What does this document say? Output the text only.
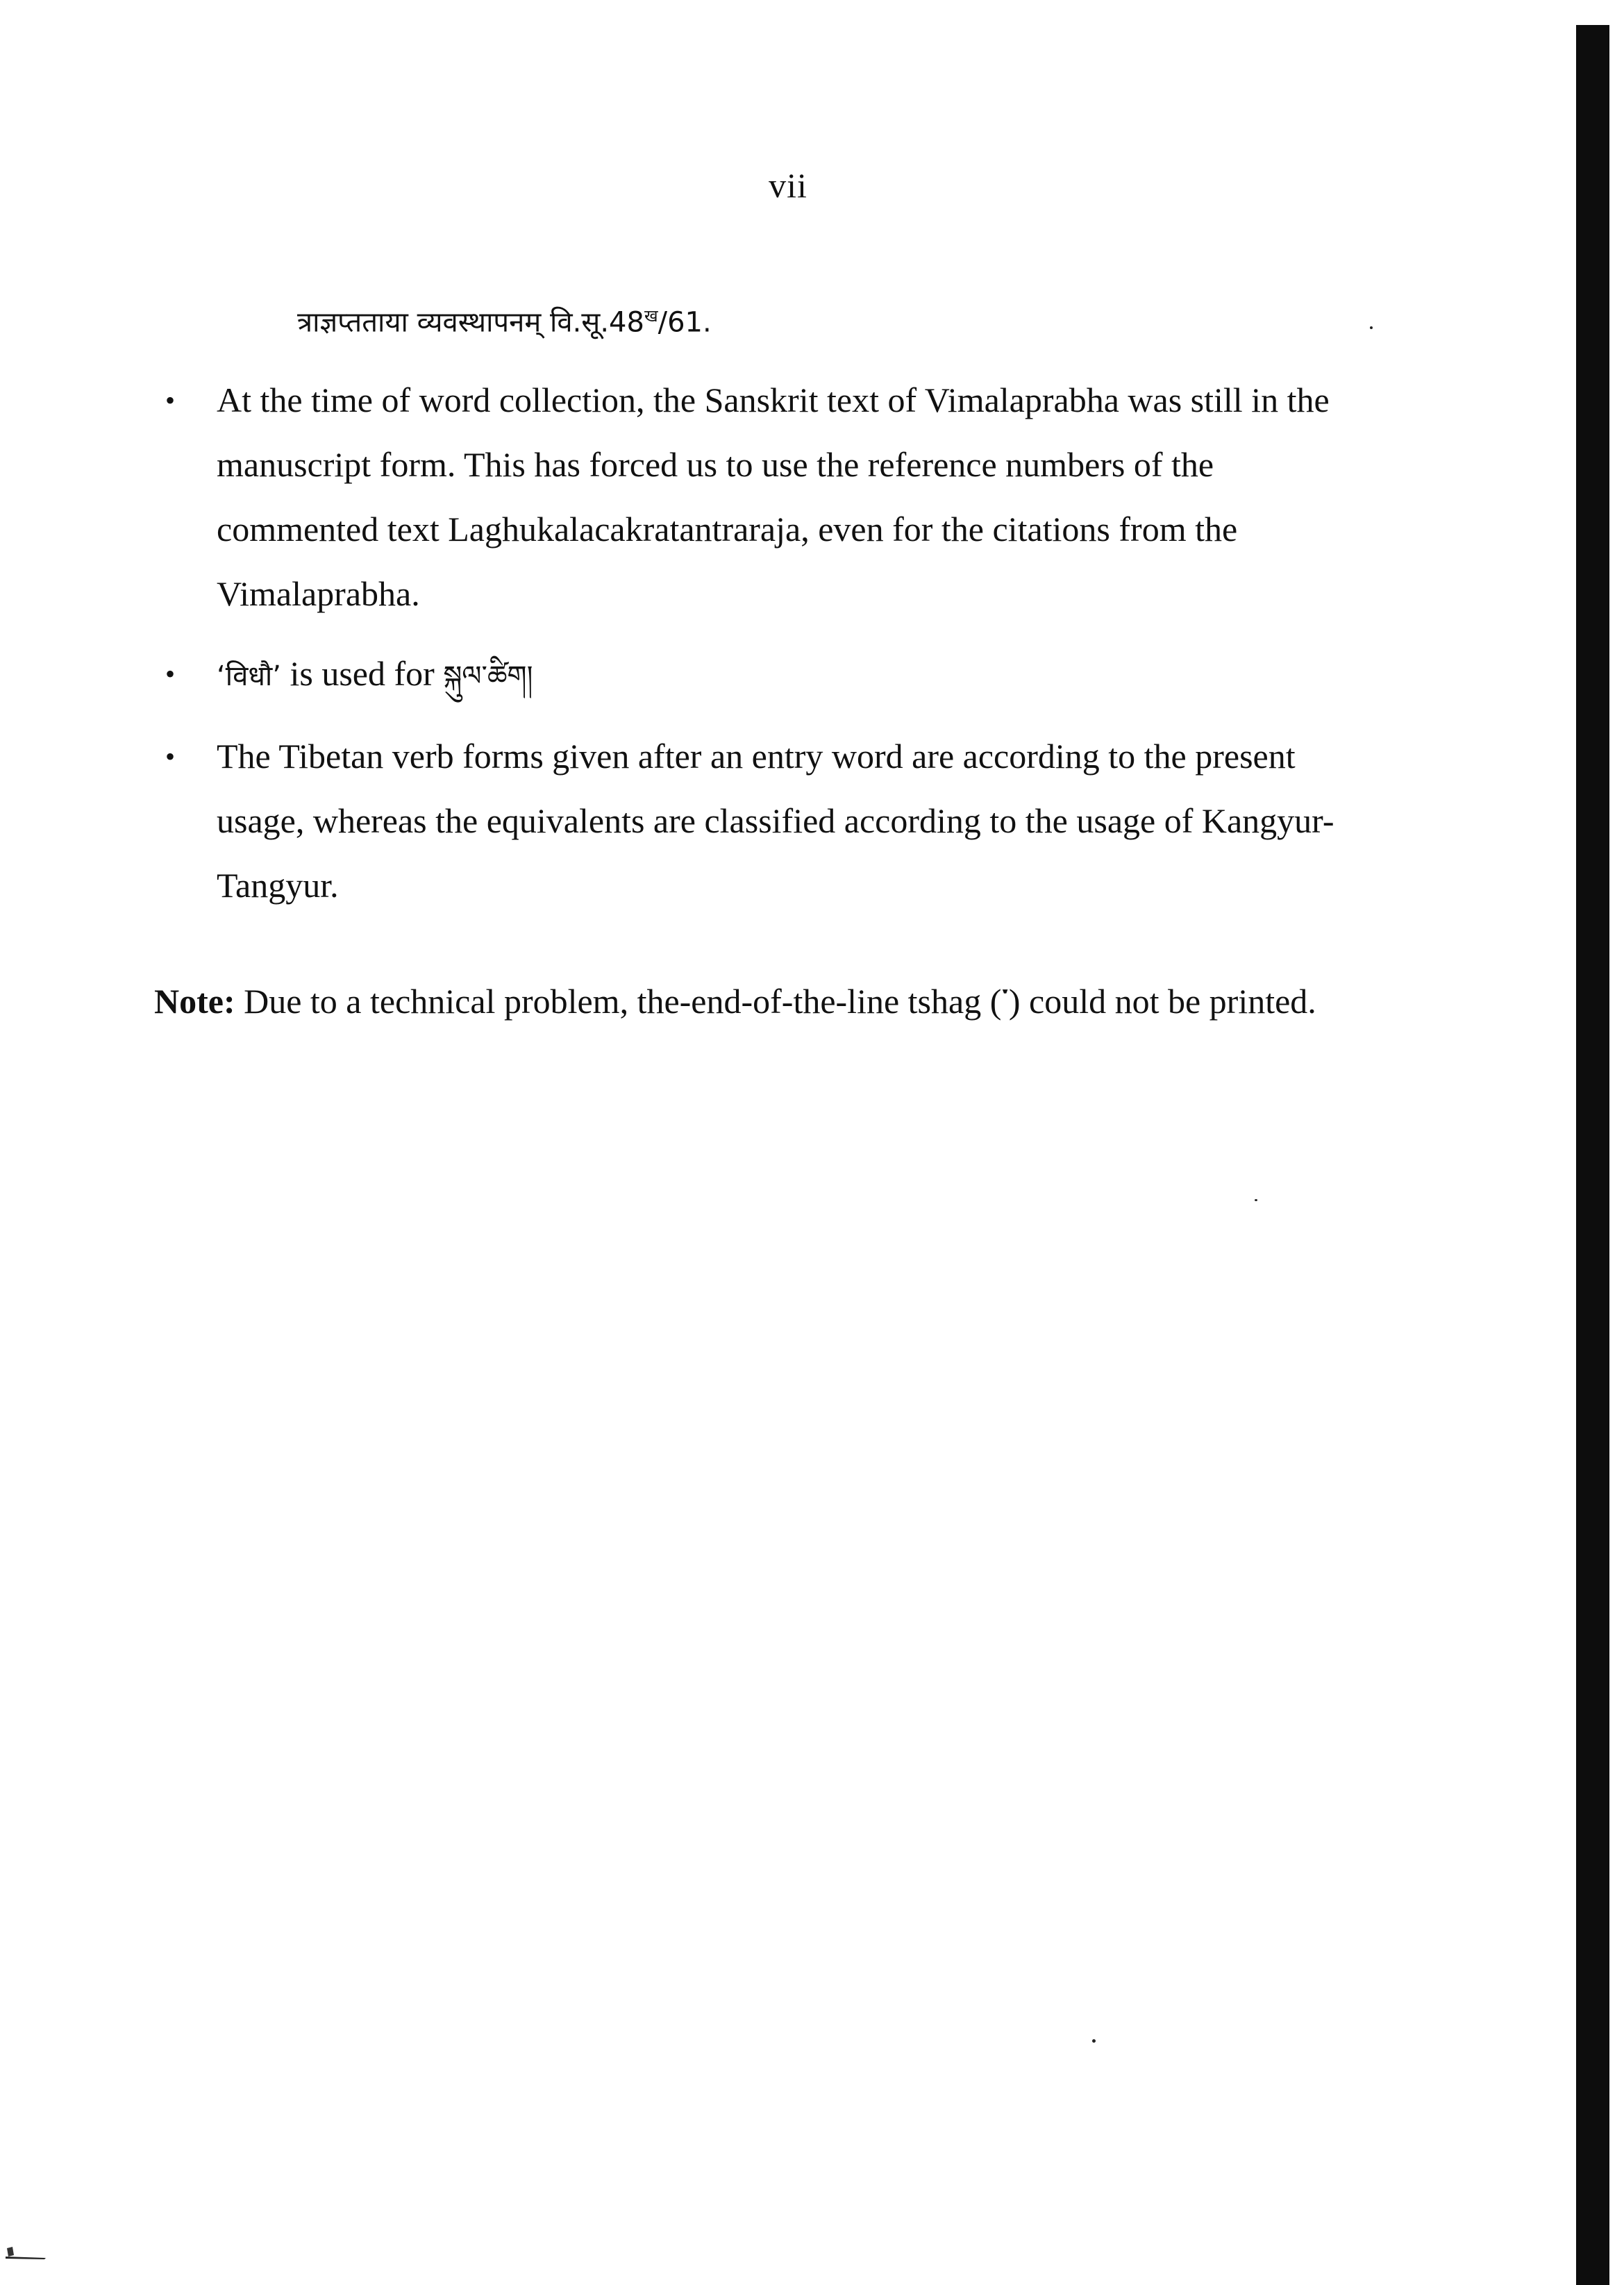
vii
त्राज्ञप्तताया व्यवस्थापनम् $वि.सू.48^ख/61$.
• At the time of word collection, the Sanskrit text of Vimalaprabha was still in the manuscript form. This has forced us to use the reference numbers of the commented text Laghukalacakratantraraja, even for the citations from the Vimalaprabha.
• ‘विधौ’ is used for སྐུལ་ཚིག།
• The Tibetan verb forms given after an entry word are according to the present usage, whereas the equivalents are classified according to the usage of Kangyur-Tangyur.
Note: Due to a technical problem, the-end-of-the-line tshag (་) could not be printed.
